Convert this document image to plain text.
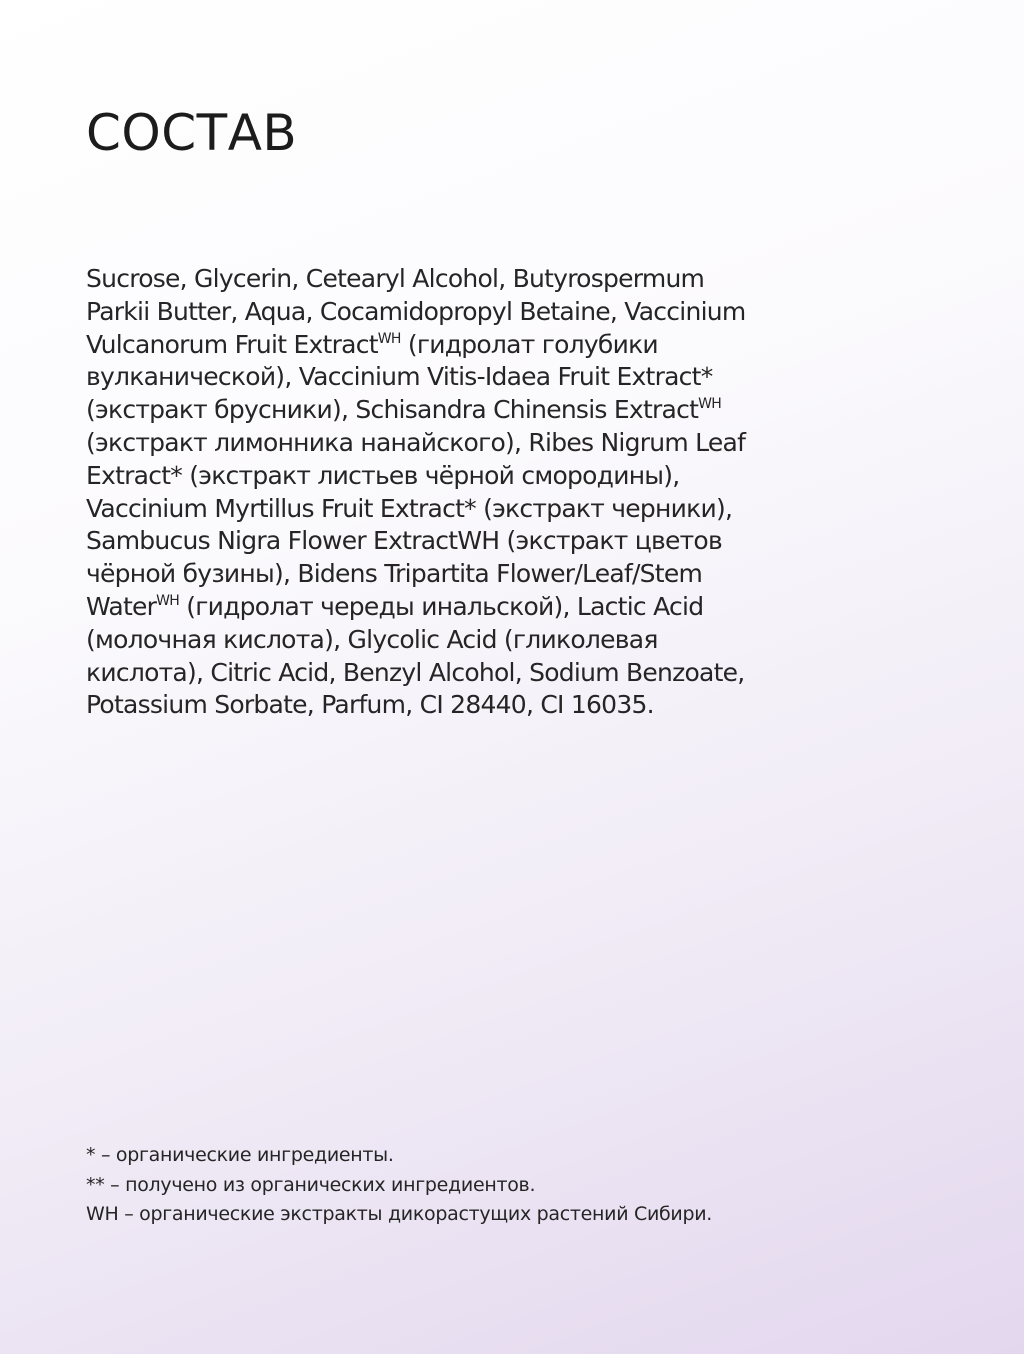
СОСТАВ
Sucrose, Glycerin, Cetearyl Alcohol, Butyrospermum
Parkii Butter, Aqua, Cocamidopropyl Betaine, Vaccinium
Vulcanorum Fruit Extract$^{WH}$ (гидролат голубики
вулканической), Vaccinium Vitis-Idaea Fruit Extract*
(экстракт брусники), Schisandra Chinensis Extract$^{WH}$
(экстракт лимонника нанайского), Ribes Nigrum Leaf
Extract* (экстракт листьев чёрной смородины),
Vaccinium Myrtillus Fruit Extract* (экстракт черники),
Sambucus Nigra Flower ExtractWH (экстракт цветов
чёрной бузины), Bidens Tripartita Flower/Leaf/Stem
Water$^{WH}$ (гидролат череды инальской), Lactic Acid
(молочная кислота), Glycolic Acid (гликолевая
кислота), Citric Acid, Benzyl Alcohol, Sodium Benzoate,
Potassium Sorbate, Parfum, CI 28440, CI 16035.
* – органические ингредиенты.
** – получено из органических ингредиентов.
WH – органические экстракты дикорастущих растений Сибири.
